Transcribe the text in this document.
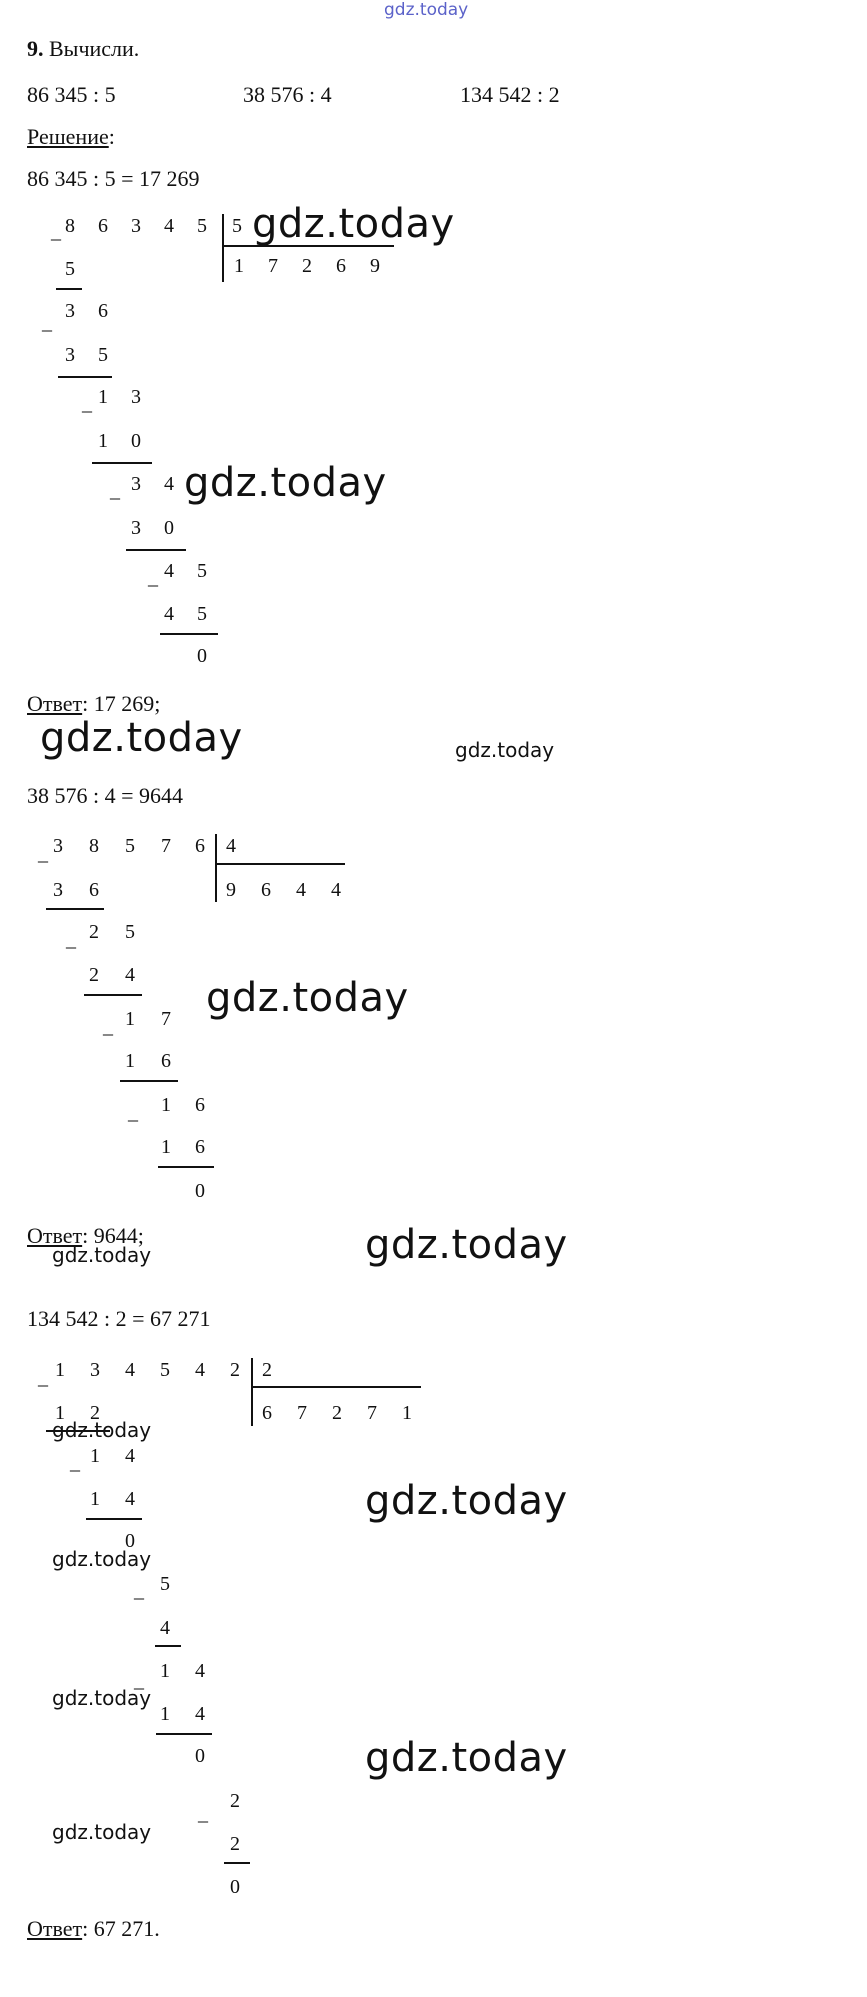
gdz.today
9. Вычисли.
86 345 : 5	38 576 : 4	134 542 : 2
Решение:
86 345 : 5 = 17 269
8 6 3 4 5
_	5
1 7 2 6 9
5
3 6
_
3 5
_ 1 3
1 0
_ 3 4
3 0
_ 4 5
4 5
0
gdz.today
gdz.today
Ответ: 17 269;
gdz.today	gdz.today
38 576 : 4 = 9644
_ 3 8 5 7 6 4
9 6 4 4
3 6
_ 2 5
2 4
_ 1 7
1 6
_ 1 6
1 6
0
gdz.today
Ответ: 9644;
gdz.today	gdz.today
134 542 : 2 = 67 271
_ 1 3 4 5 4 2 2
6 7 2 7 1
1 2
1 4
_
1 4
0
5
_
4
_ 1 4
1 4
0
_
2
2
0
gdz.today
gdz.today
gdz.today
gdz.today
gdz.today
gdz.today
Ответ: 67 271.
